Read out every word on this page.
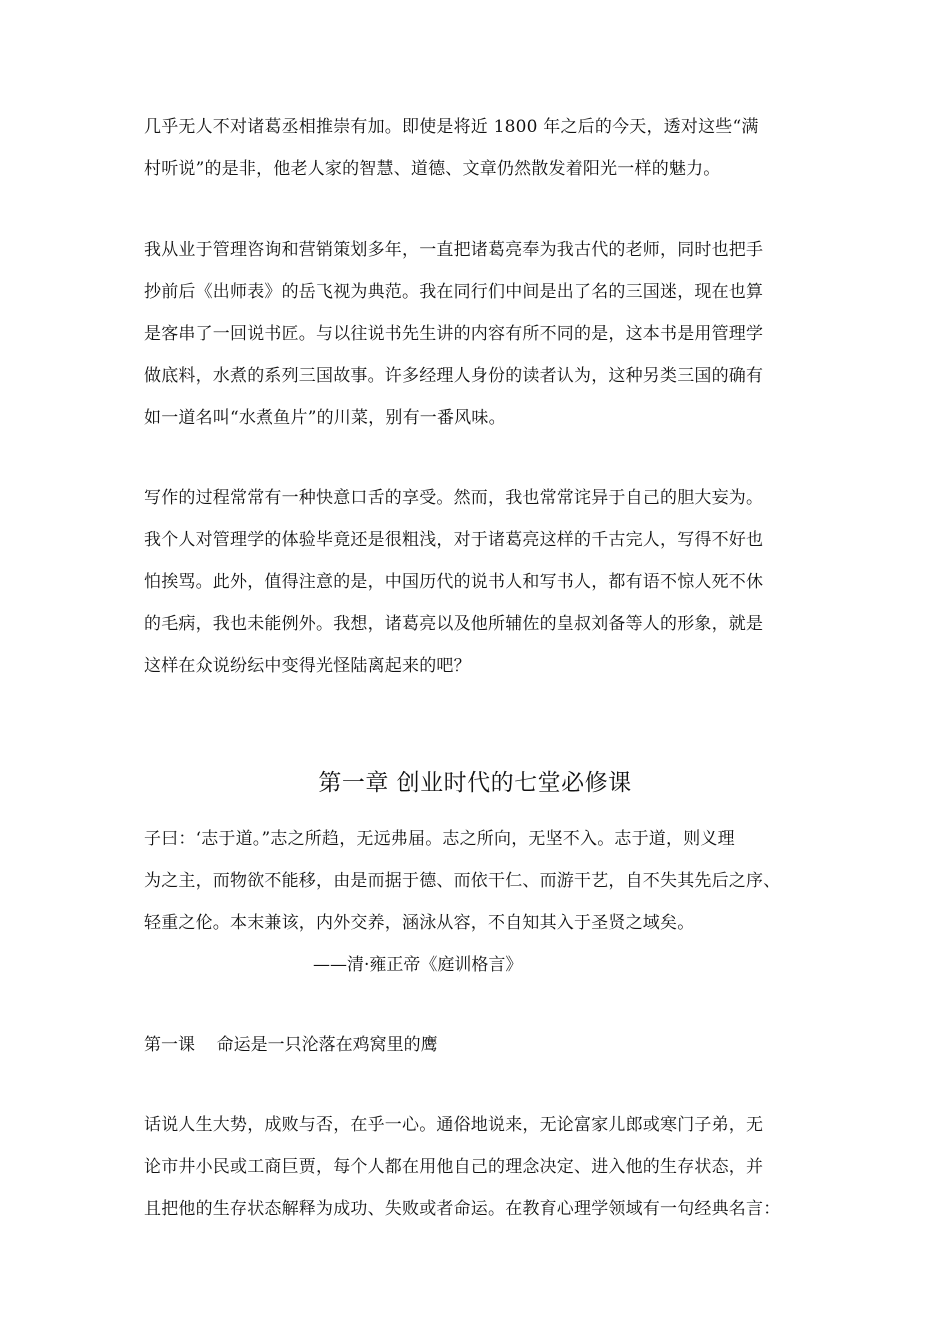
几乎无人不对诸葛丞相推崇有加。即使是将近 1800 年之后的今天，透对这些“满
村听说”的是非，他老人家的智慧、道德、文章仍然散发着阳光一样的魅力。
我从业于管理咨询和营销策划多年，一直把诸葛亮奉为我古代的老师，同时也把手
抄前后《出师表》的岳飞视为典范。我在同行们中间是出了名的三国迷，现在也算
是客串了一回说书匠。与以往说书先生讲的内容有所不同的是，这本书是用管理学
做底料，水煮的系列三国故事。许多经理人身份的读者认为，这种另类三国的确有
如一道名叫“水煮鱼片”的川菜，别有一番风味。
写作的过程常常有一种快意口舌的享受。然而，我也常常诧异于自己的胆大妄为。
我个人对管理学的体验毕竟还是很粗浅，对于诸葛亮这样的千古完人，写得不好也
怕挨骂。此外，值得注意的是，中国历代的说书人和写书人，都有语不惊人死不休
的毛病，我也未能例外。我想，诸葛亮以及他所辅佐的皇叔刘备等人的形象，就是
这样在众说纷纭中变得光怪陆离起来的吧？
第一章 创业时代的七堂必修课
子曰：‘志于道。”志之所趋，无远弗届。志之所向，无坚不入。志于道，则义理
为之主，而物欲不能移，由是而据于德、而依干仁、而游干艺，自不失其先后之序、
轻重之伦。本末兼该，内外交养，涵泳从容，不自知其入于圣贤之域矣。
——清·雍正帝《庭训格言》
第一课    命运是一只沦落在鸡窝里的鹰
话说人生大势，成败与否，在乎一心。通俗地说来，无论富家儿郎或寒门子弟，无
论市井小民或工商巨贾，每个人都在用他自己的理念决定、进入他的生存状态，并
且把他的生存状态解释为成功、失败或者命运。在教育心理学领域有一句经典名言：
